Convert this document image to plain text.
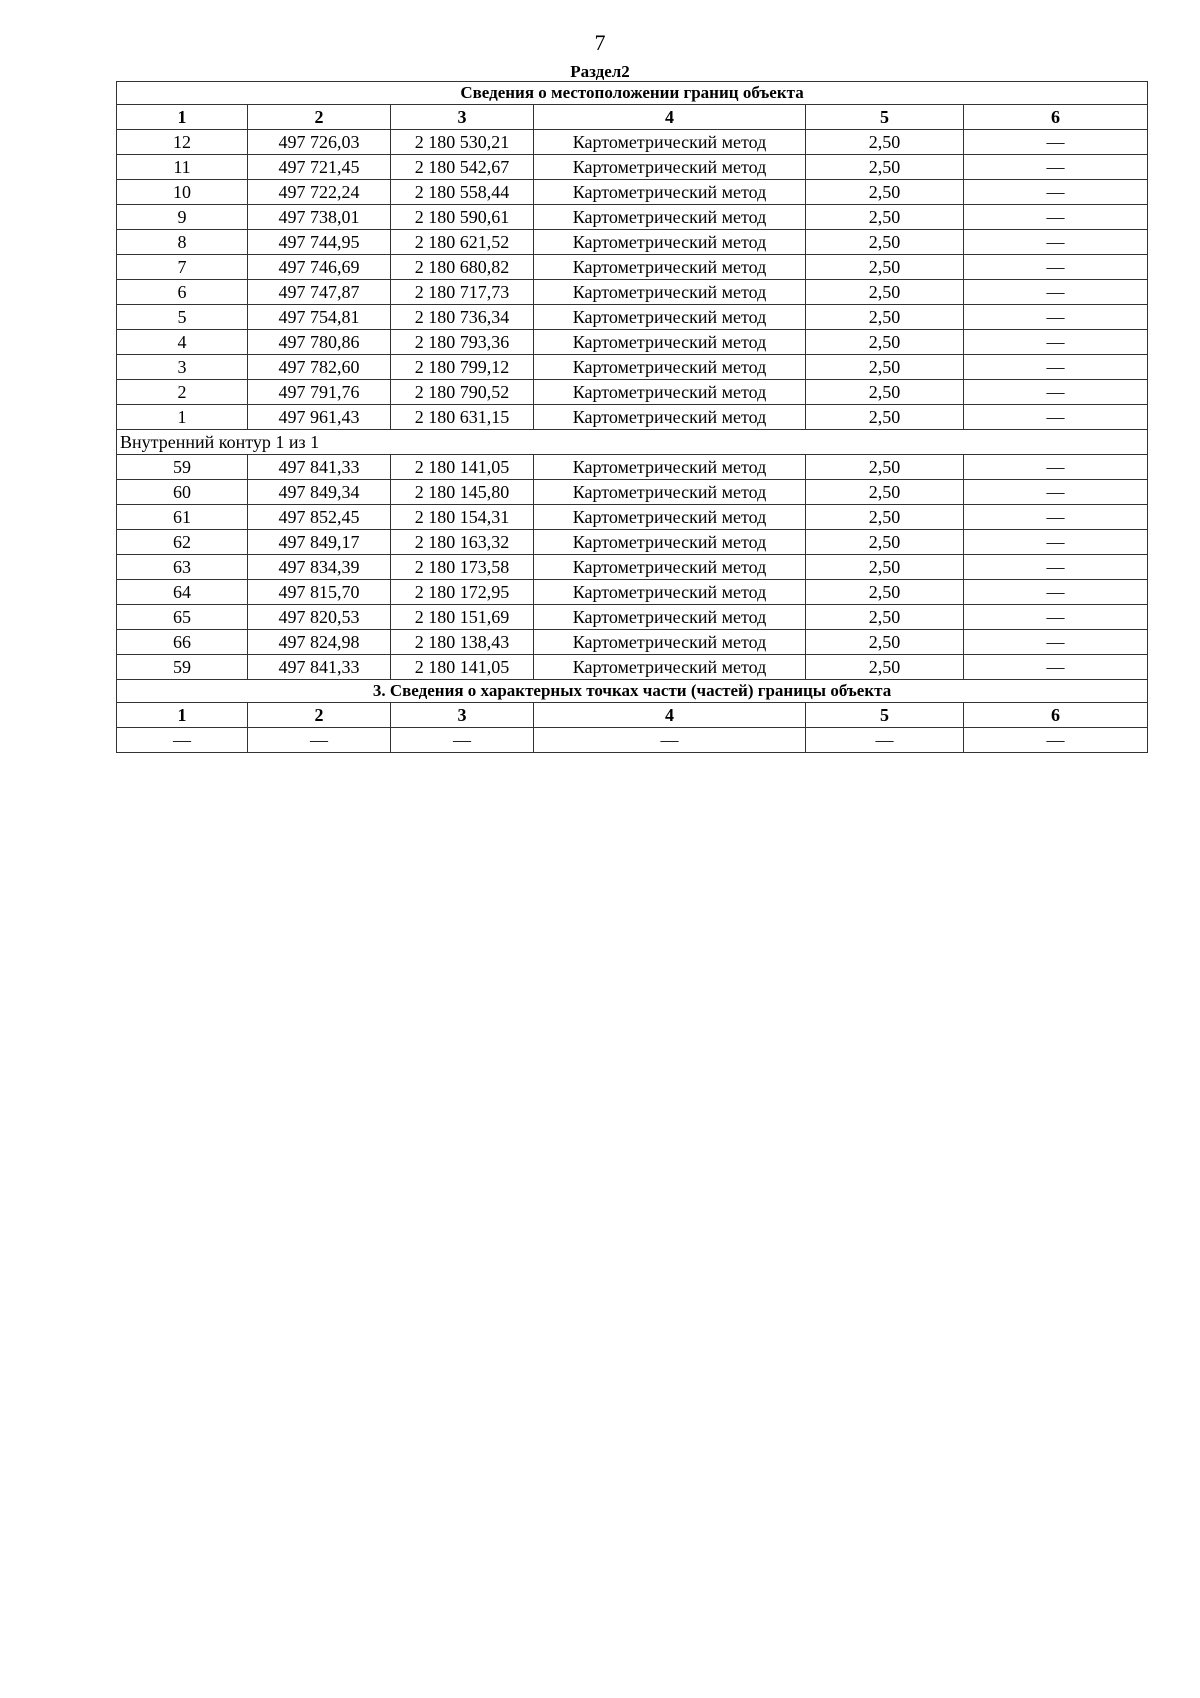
7
Раздел2
Сведения о местоположении границ объекта					
1	2	3	4	5	6
12	497 726,03	2 180 530,21	Картометрический метод	2,50	—
11	497 721,45	2 180 542,67	Картометрический метод	2,50	—
10	497 722,24	2 180 558,44	Картометрический метод	2,50	—
9	497 738,01	2 180 590,61	Картометрический метод	2,50	—
8	497 744,95	2 180 621,52	Картометрический метод	2,50	—
7	497 746,69	2 180 680,82	Картометрический метод	2,50	—
6	497 747,87	2 180 717,73	Картометрический метод	2,50	—
5	497 754,81	2 180 736,34	Картометрический метод	2,50	—
4	497 780,86	2 180 793,36	Картометрический метод	2,50	—
3	497 782,60	2 180 799,12	Картометрический метод	2,50	—
2	497 791,76	2 180 790,52	Картометрический метод	2,50	—
1	497 961,43	2 180 631,15	Картометрический метод	2,50	—
Внутренний контур 1 из 1					
59	497 841,33	2 180 141,05	Картометрический метод	2,50	—
60	497 849,34	2 180 145,80	Картометрический метод	2,50	—
61	497 852,45	2 180 154,31	Картометрический метод	2,50	—
62	497 849,17	2 180 163,32	Картометрический метод	2,50	—
63	497 834,39	2 180 173,58	Картометрический метод	2,50	—
64	497 815,70	2 180 172,95	Картометрический метод	2,50	—
65	497 820,53	2 180 151,69	Картометрический метод	2,50	—
66	497 824,98	2 180 138,43	Картометрический метод	2,50	—
59	497 841,33	2 180 141,05	Картометрический метод	2,50	—
3. Сведения о характерных точках части (частей) границы объекта					
1	2	3	4	5	6
—	—	—	—	—	—
